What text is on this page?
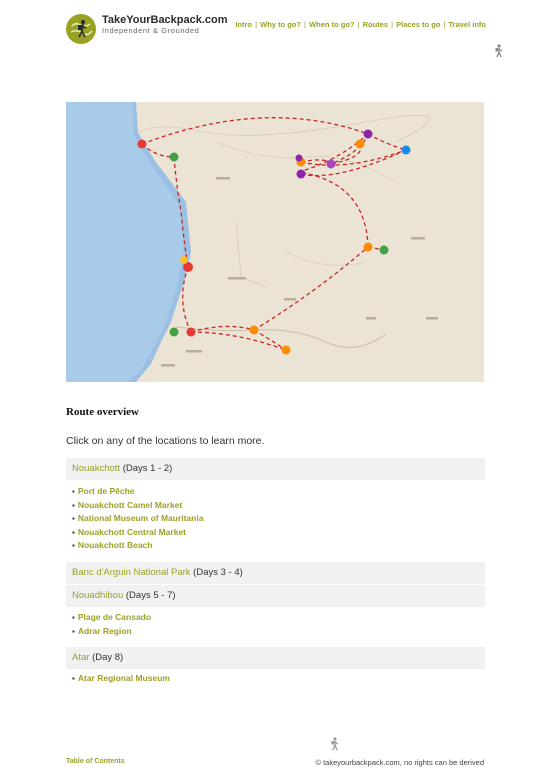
TakeYourBackpack.com
Independent & Grounded
Intro | Why to go? | When to go? | Routes | Places to go | Travel info
Route overview
Click on any of the locations to learn more.
Nouakchott (Days 1 - 2)
▪ Port de Pêche
▪ Nouakchott Camel Market
▪ National Museum of Mauritania
▪ Nouakchott Central Market
▪ Nouakchott Beach
Banc d'Arguin National Park (Days 3 - 4)
Nouadhibou (Days 5 - 7)
▪ Plage de Cansado
▪ Adrar Region
Atar (Day 8)
▪ Atar Regional Museum
Table of Contents	© takeyourbackpack.com, no rights can be derived
